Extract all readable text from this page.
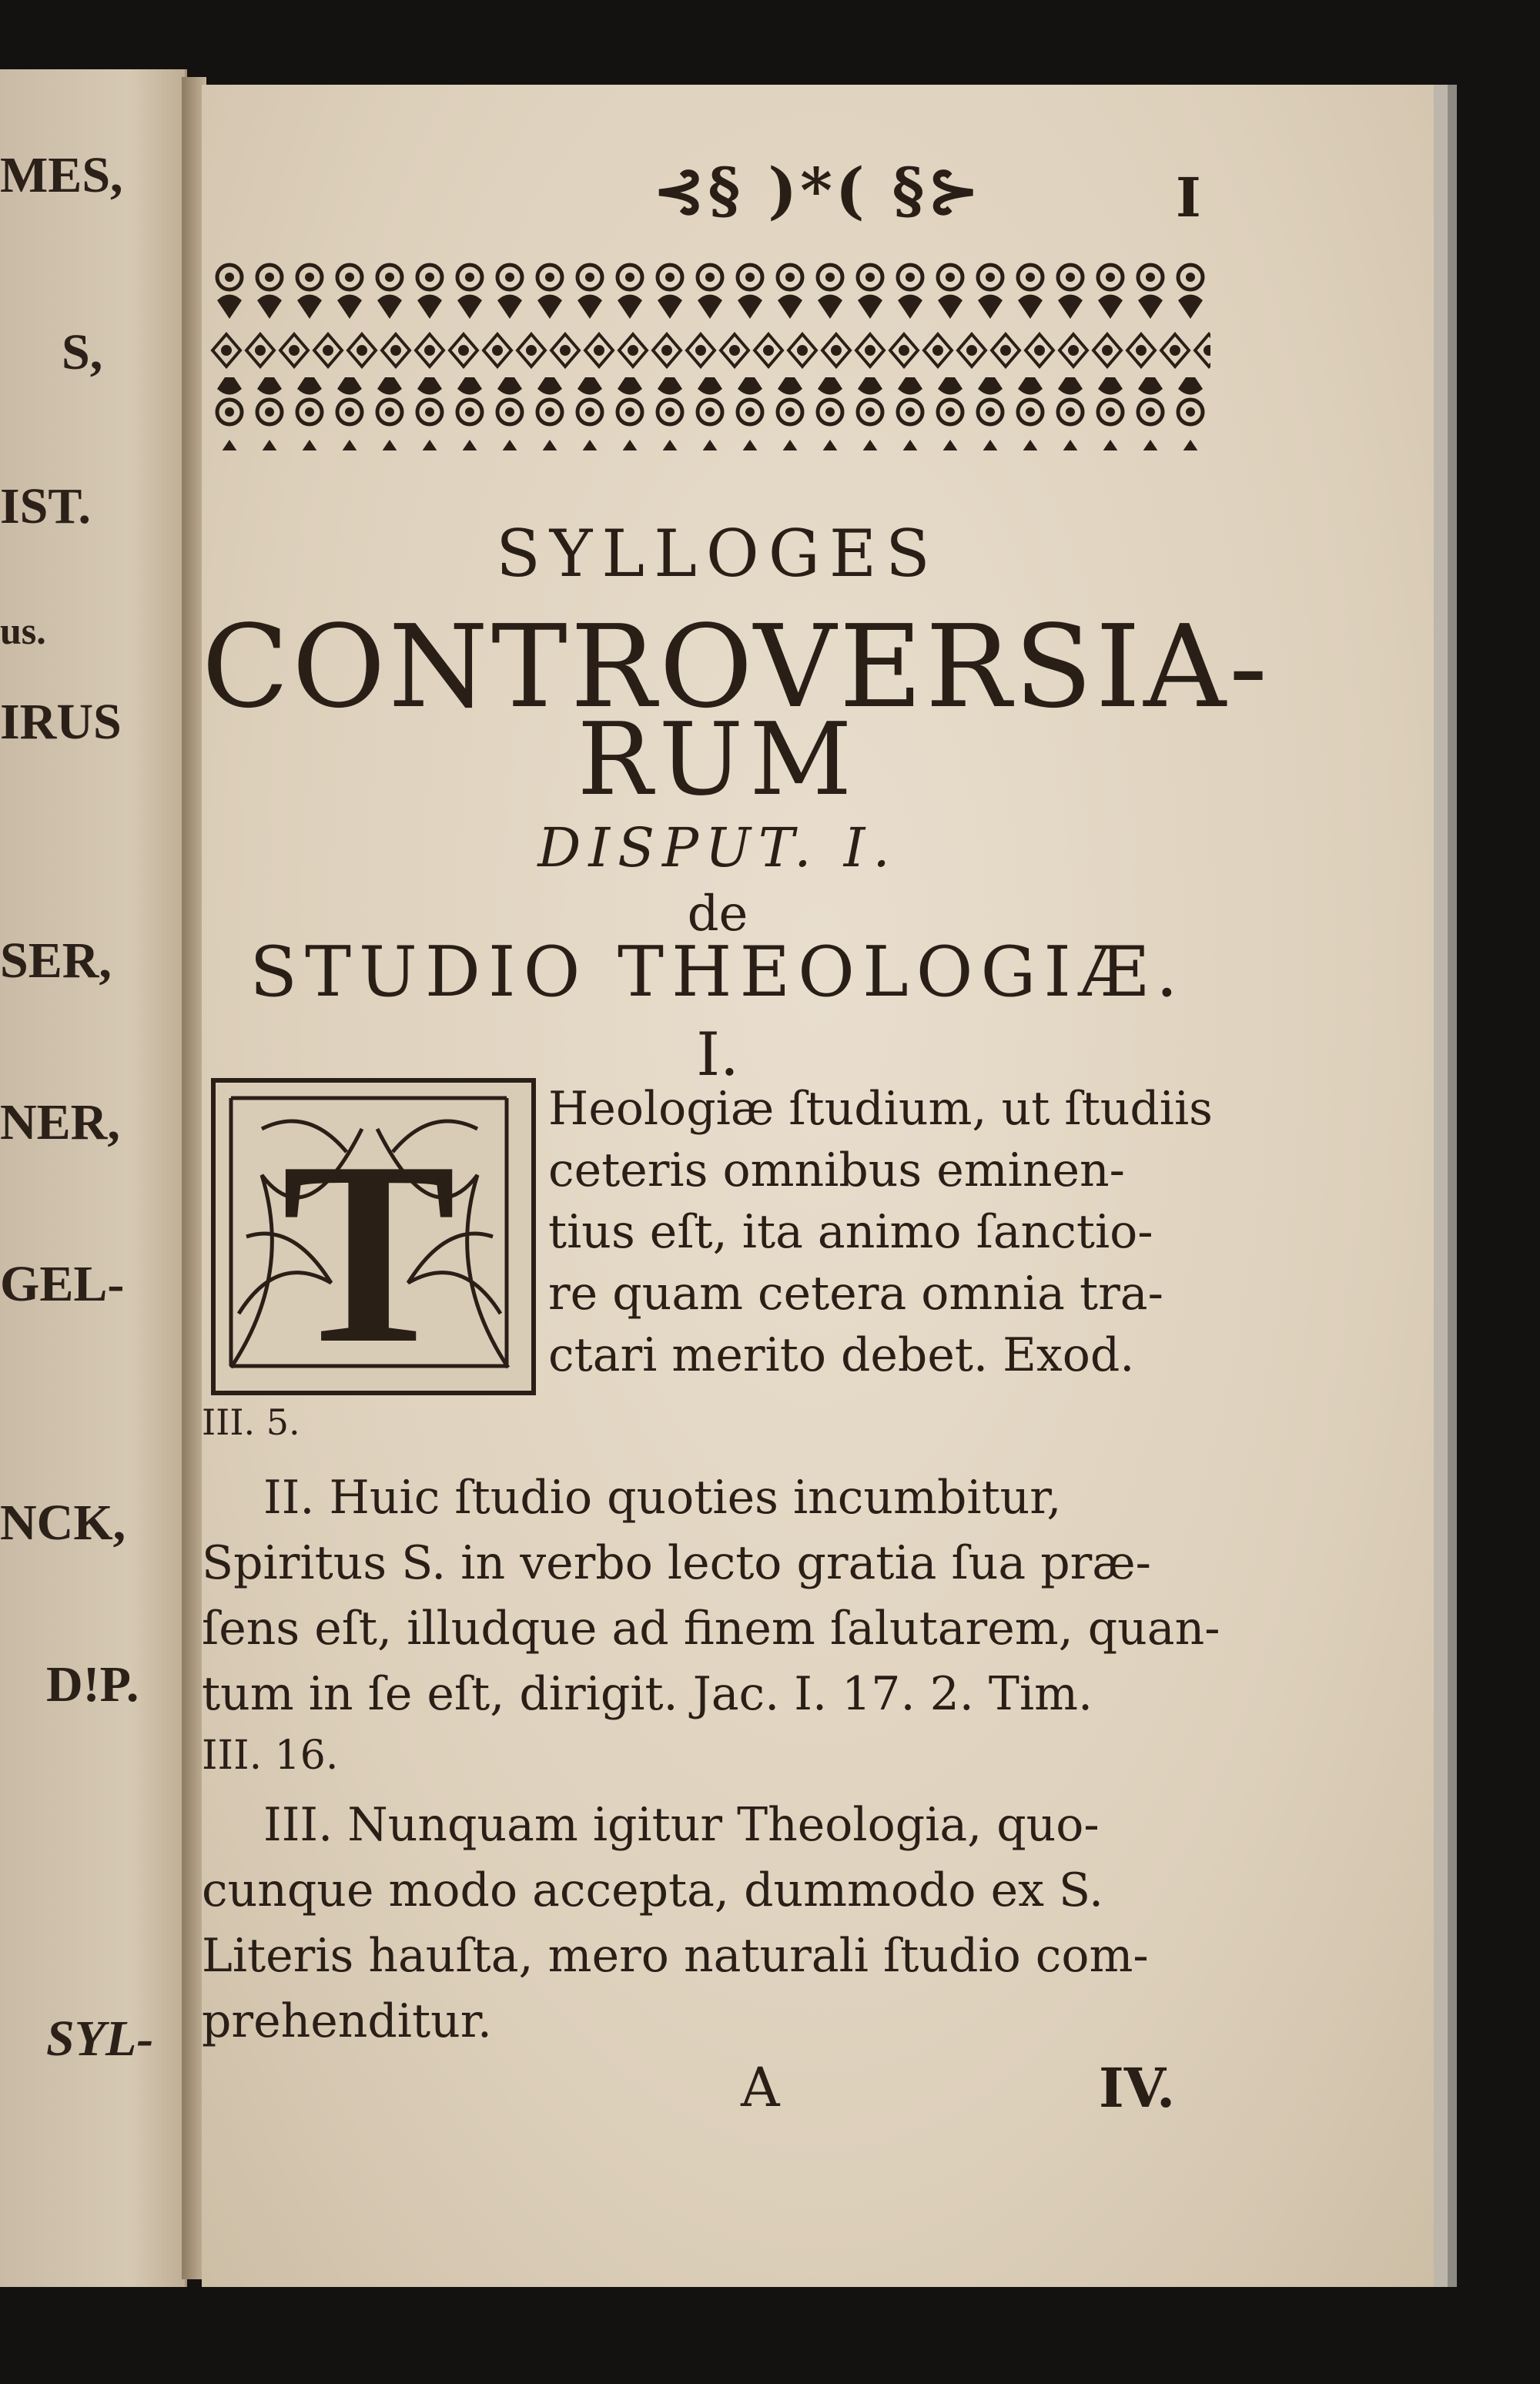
MES,
S,
IST.
us.
IRUS
SER,
NER,
GEL-
NCK,
D!P.
SYL-
⊰§ )*( §⊱	I
SYLLOGES
CONTROVERSIA-
RUM
DISPUT. I.
de
STUDIO THEOLOGIÆ.
I.
T Heologiæ ſtudium, ut ſtudiis
ceteris omnibus eminen-
tius eſt, ita animo ſanctio-
re quam cetera omnia tra-
ctari merito debet. Exod.
III. 5.
II. Huic ſtudio quoties incumbitur,
Spiritus S. in verbo lecto gratia ſua præ-
ſens eſt, illudque ad finem ſalutarem, quan-
tum in ſe eſt, dirigit. Jac. I. 17. 2. Tim.
III. 16.
III. Nunquam igitur Theologia, quo-
cunque modo accepta, dummodo ex S.
Literis hauſta, mero naturali ſtudio com-
prehenditur.
A	IV.
